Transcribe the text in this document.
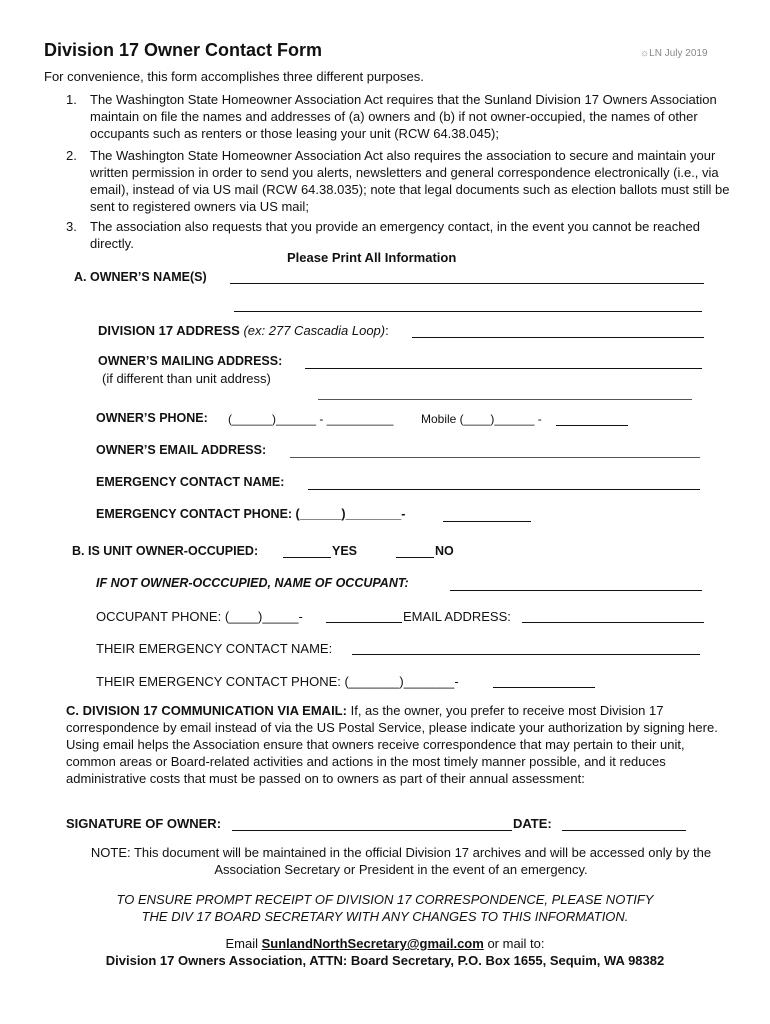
Division 17 Owner Contact Form	☼LN July 2019
For convenience, this form accomplishes three different purposes.
1. The Washington State Homeowner Association Act requires that the Sunland Division 17 Owners Association maintain on file the names and addresses of (a) owners and (b) if not owner-occupied, the names of other occupants such as renters or those leasing your unit (RCW 64.38.045);
2. The Washington State Homeowner Association Act also requires the association to secure and maintain your written permission in order to send you alerts, newsletters and general correspondence electronically (i.e., via email), instead of via US mail (RCW 64.38.035); note that legal documents such as election ballots must still be sent to registered owners via US mail;
3. The association also requests that you provide an emergency contact, in the event you cannot be reached directly.
Please Print All Information
A. OWNER’S NAME(S)
DIVISION 17 ADDRESS (ex: 277 Cascadia Loop):
OWNER’S MAILING ADDRESS:
(if different than unit address)
OWNER’S PHONE: (______)______ - __________ Mobile (____)______ -
OWNER’S EMAIL ADDRESS:
EMERGENCY CONTACT NAME:
EMERGENCY CONTACT PHONE: (______)________-
B. IS UNIT OWNER-OCCUPIED:	YES	NO
IF NOT OWNER-OCCCUPIED, NAME OF OCCUPANT:
OCCUPANT PHONE: (____)_____-	EMAIL ADDRESS:
THEIR EMERGENCY CONTACT NAME:
THEIR EMERGENCY CONTACT PHONE: (_______)_______-
C. DIVISION 17 COMMUNICATION VIA EMAIL: If, as the owner, you prefer to receive most Division 17 correspondence by email instead of via the US Postal Service, please indicate your authorization by signing here. Using email helps the Association ensure that owners receive correspondence that may pertain to their unit, common areas or Board-related activities and actions in the most timely manner possible, and it reduces administrative costs that must be passed on to owners as part of their annual assessment:
SIGNATURE OF OWNER:	DATE:
NOTE: This document will be maintained in the official Division 17 archives and will be accessed only by the Association Secretary or President in the event of an emergency.
TO ENSURE PROMPT RECEIPT OF DIVISION 17 CORRESPONDENCE, PLEASE NOTIFY
THE DIV 17 BOARD SECRETARY WITH ANY CHANGES TO THIS INFORMATION.
Email SunlandNorthSecretary@gmail.com or mail to:
Division 17 Owners Association, ATTN: Board Secretary, P.O. Box 1655, Sequim, WA 98382
